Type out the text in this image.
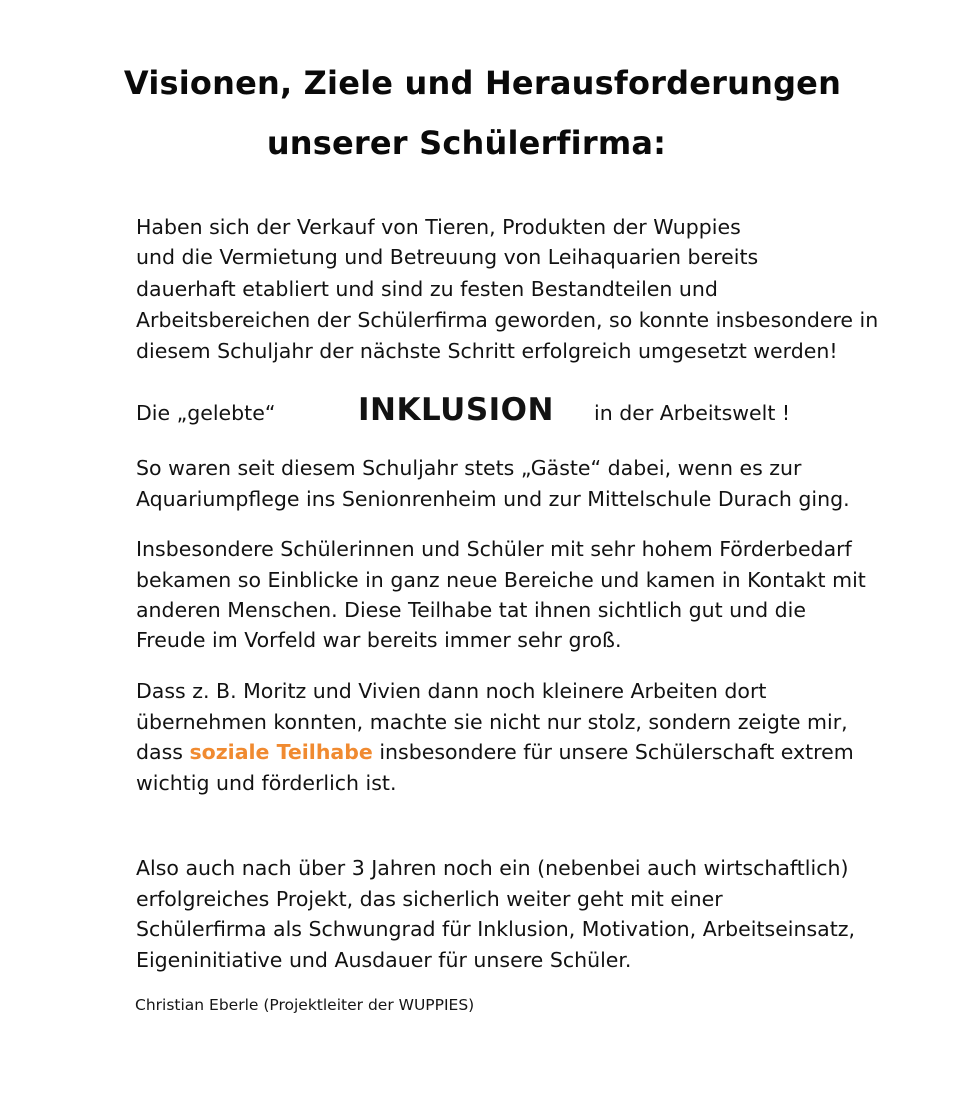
Visionen, Ziele und Herausforderungen
unserer Schülerfirma:
Haben sich der Verkauf von Tieren, Produkten der Wuppies
und die Vermietung und Betreuung von Leihaquarien bereits
dauerhaft etabliert und sind zu festen Bestandteilen und
Arbeitsbereichen der Schülerfirma geworden, so konnte insbesondere in
diesem Schuljahr der nächste Schritt erfolgreich umgesetzt werden!
Die „gelebte“	INKLUSION in der Arbeitswelt !
So waren seit diesem Schuljahr stets „Gäste“ dabei, wenn es zur
Aquariumpflege ins Senionrenheim und zur Mittelschule Durach ging.
Insbesondere Schülerinnen und Schüler mit sehr hohem Förderbedarf
bekamen so Einblicke in ganz neue Bereiche und kamen in Kontakt mit
anderen Menschen. Diese Teilhabe tat ihnen sichtlich gut und die
Freude im Vorfeld war bereits immer sehr groß.
Dass z. B. Moritz und Vivien dann noch kleinere Arbeiten dort
übernehmen konnten, machte sie nicht nur stolz, sondern zeigte mir,
dass soziale Teilhabe insbesondere für unsere Schülerschaft extrem
wichtig und förderlich ist.
Also auch nach über 3 Jahren noch ein (nebenbei auch wirtschaftlich)
erfolgreiches Projekt, das sicherlich weiter geht mit einer
Schülerfirma als Schwungrad für Inklusion, Motivation, Arbeitseinsatz,
Eigeninitiative und Ausdauer für unsere Schüler.
Christian Eberle (Projektleiter der WUPPIES)
